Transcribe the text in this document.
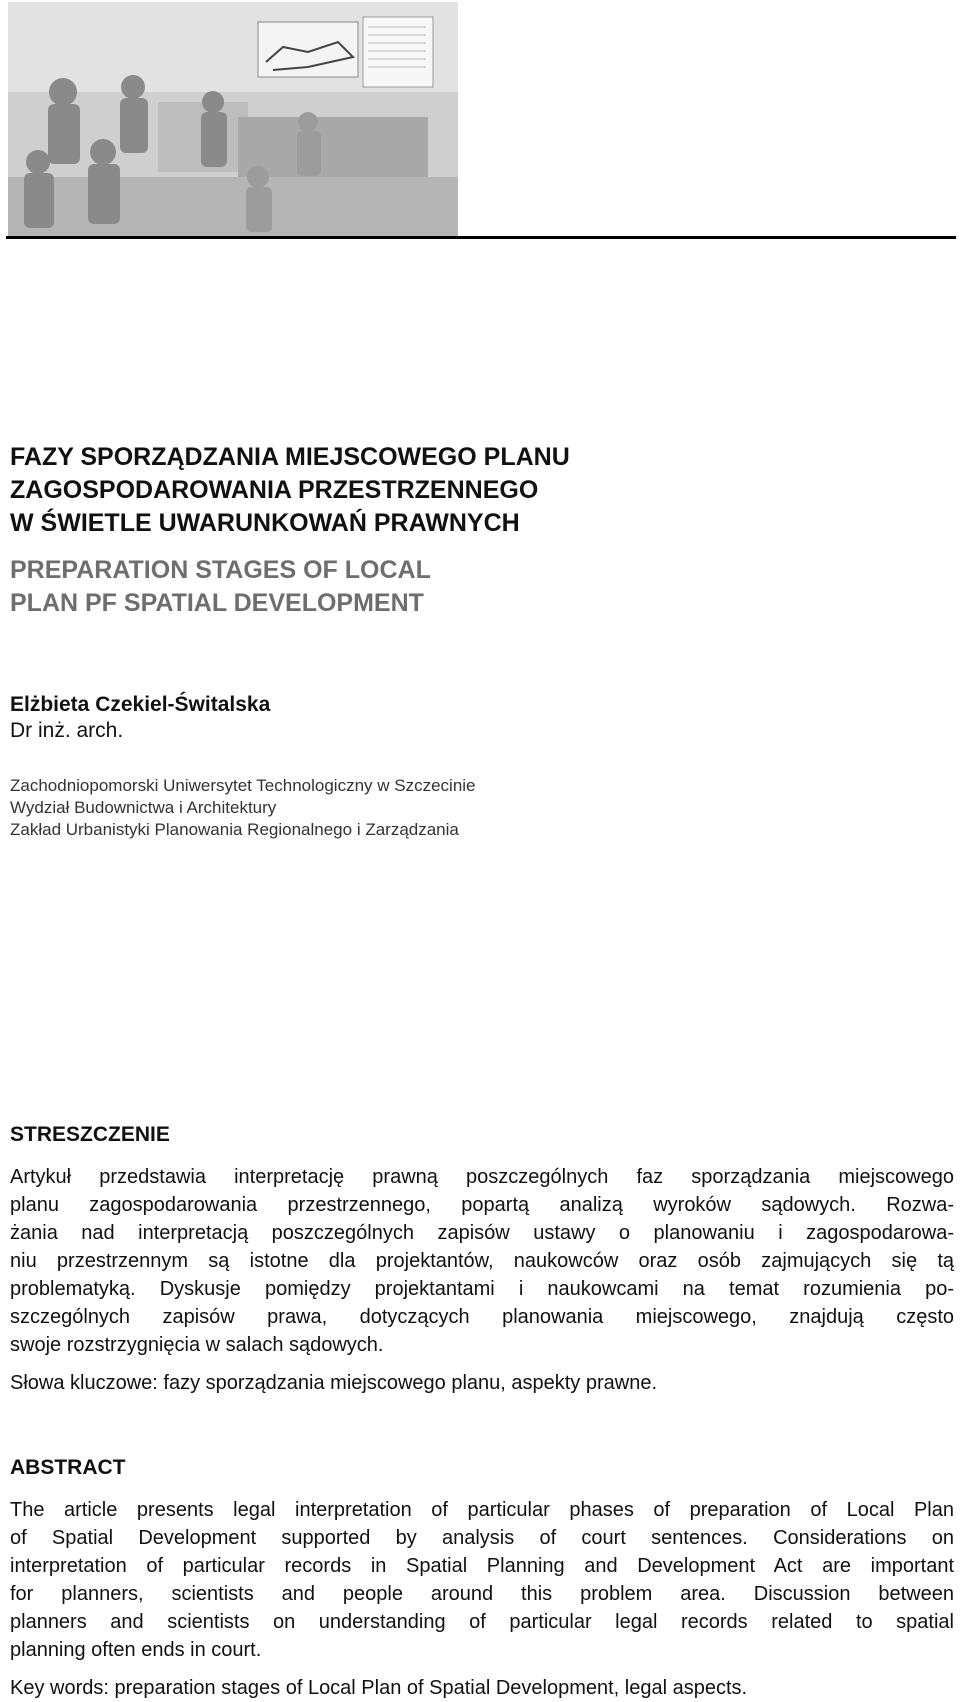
FAZY SPORZĄDZANIA MIEJSCOWEGO PLANU
ZAGOSPODAROWANIA PRZESTRZENNEGO
W ŚWIETLE UWARUNKOWAŃ PRAWNYCH
PREPARATION STAGES OF LOCAL
PLAN PF SPATIAL DEVELOPMENT
Elżbieta Czekiel-Świtalska
Dr inż. arch.
Zachodniopomorski Uniwersytet Technologiczny w Szczecinie
Wydział Budownictwa i Architektury
Zakład Urbanistyki Planowania Regionalnego i Zarządzania
STRESZCZENIE
Artykuł przedstawia interpretację prawną poszczególnych faz sporządzania miejscowego
planu zagospodarowania przestrzennego, popartą analizą wyroków sądowych. Rozwa-
żania nad interpretacją poszczególnych zapisów ustawy o planowaniu i zagospodarowa-
niu przestrzennym są istotne dla projektantów, naukowców oraz osób zajmujących się tą
problematyką. Dyskusje pomiędzy projektantami i naukowcami na temat rozumienia po-
szczególnych zapisów prawa, dotyczących planowania miejscowego, znajdują często
swoje rozstrzygnięcia w salach sądowych.
Słowa kluczowe: fazy sporządzania miejscowego planu, aspekty prawne.
ABSTRACT
The article presents legal interpretation of particular phases of preparation of Local Plan
of Spatial Development supported by analysis of court sentences. Considerations on
interpretation of particular records in Spatial Planning and Development Act are important
for planners, scientists and people around this problem area. Discussion between
planners and scientists on understanding of particular legal records related to spatial
planning often ends in court.
Key words: preparation stages of Local Plan of Spatial Development, legal aspects.
